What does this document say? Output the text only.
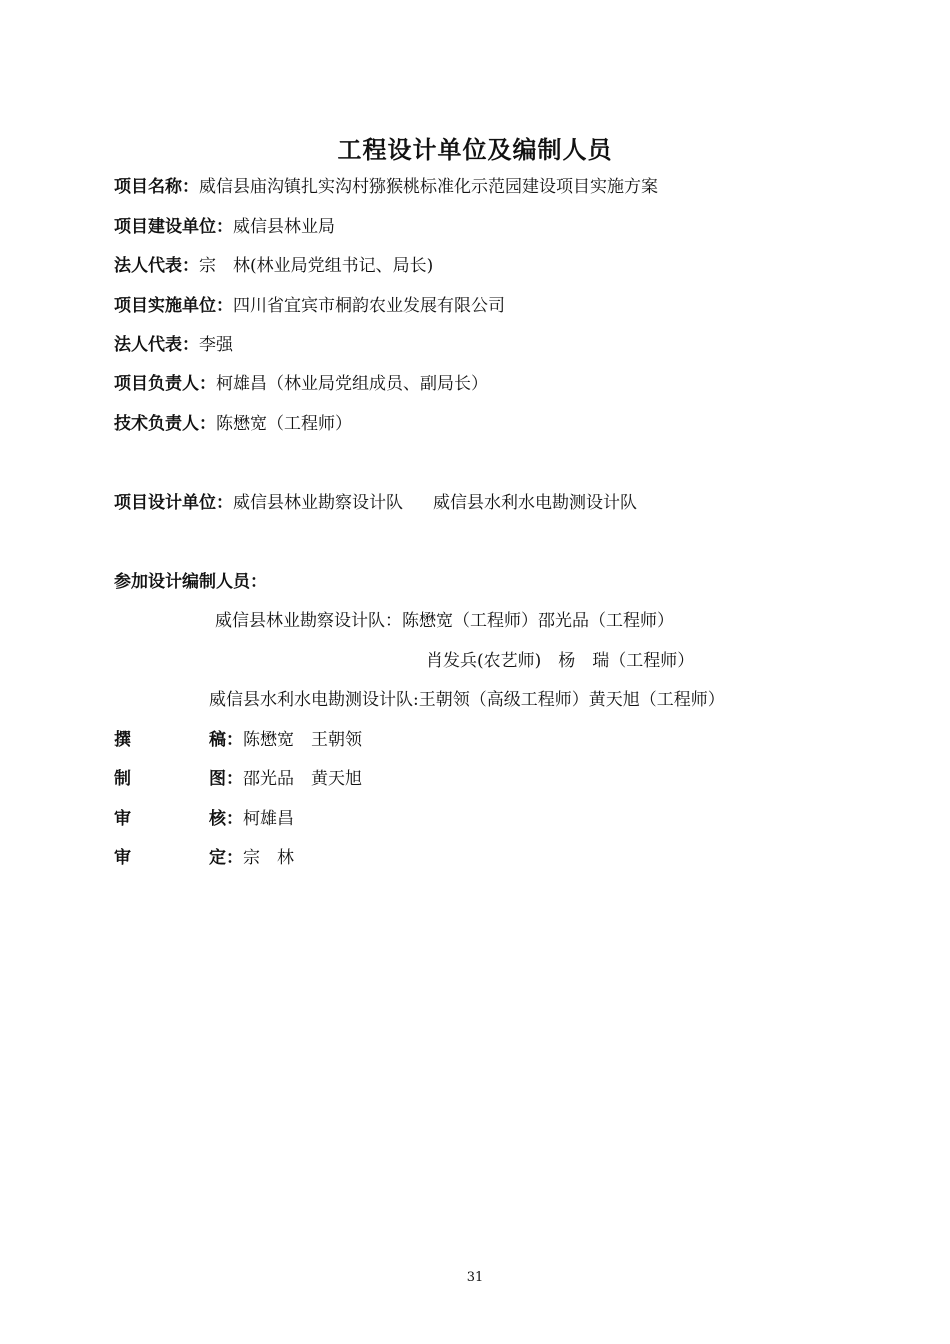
工程设计单位及编制人员
项目名称：威信县庙沟镇扎实沟村猕猴桃标准化示范园建设项目实施方案
项目建设单位：威信县林业局
法人代表：宗　林(林业局党组书记、局长)
项目实施单位：四川省宜宾市桐韵农业发展有限公司
法人代表：李强
项目负责人：柯雄昌（林业局党组成员、副局长）
技术负责人：陈懋宽（工程师）
项目设计单位：威信县林业勘察设计队 威信县水利水电勘测设计队
参加设计编制人员：
威信县林业勘察设计队：陈懋宽（工程师）邵光品（工程师）
肖发兵(农艺师)　杨　瑞（工程师）
威信县水利水电勘测设计队:王朝领（高级工程师）黄天旭（工程师）
撰	稿：陈懋宽　王朝领
制	图：邵光品　黄天旭
审	核：柯雄昌
审	定：宗　林
31
